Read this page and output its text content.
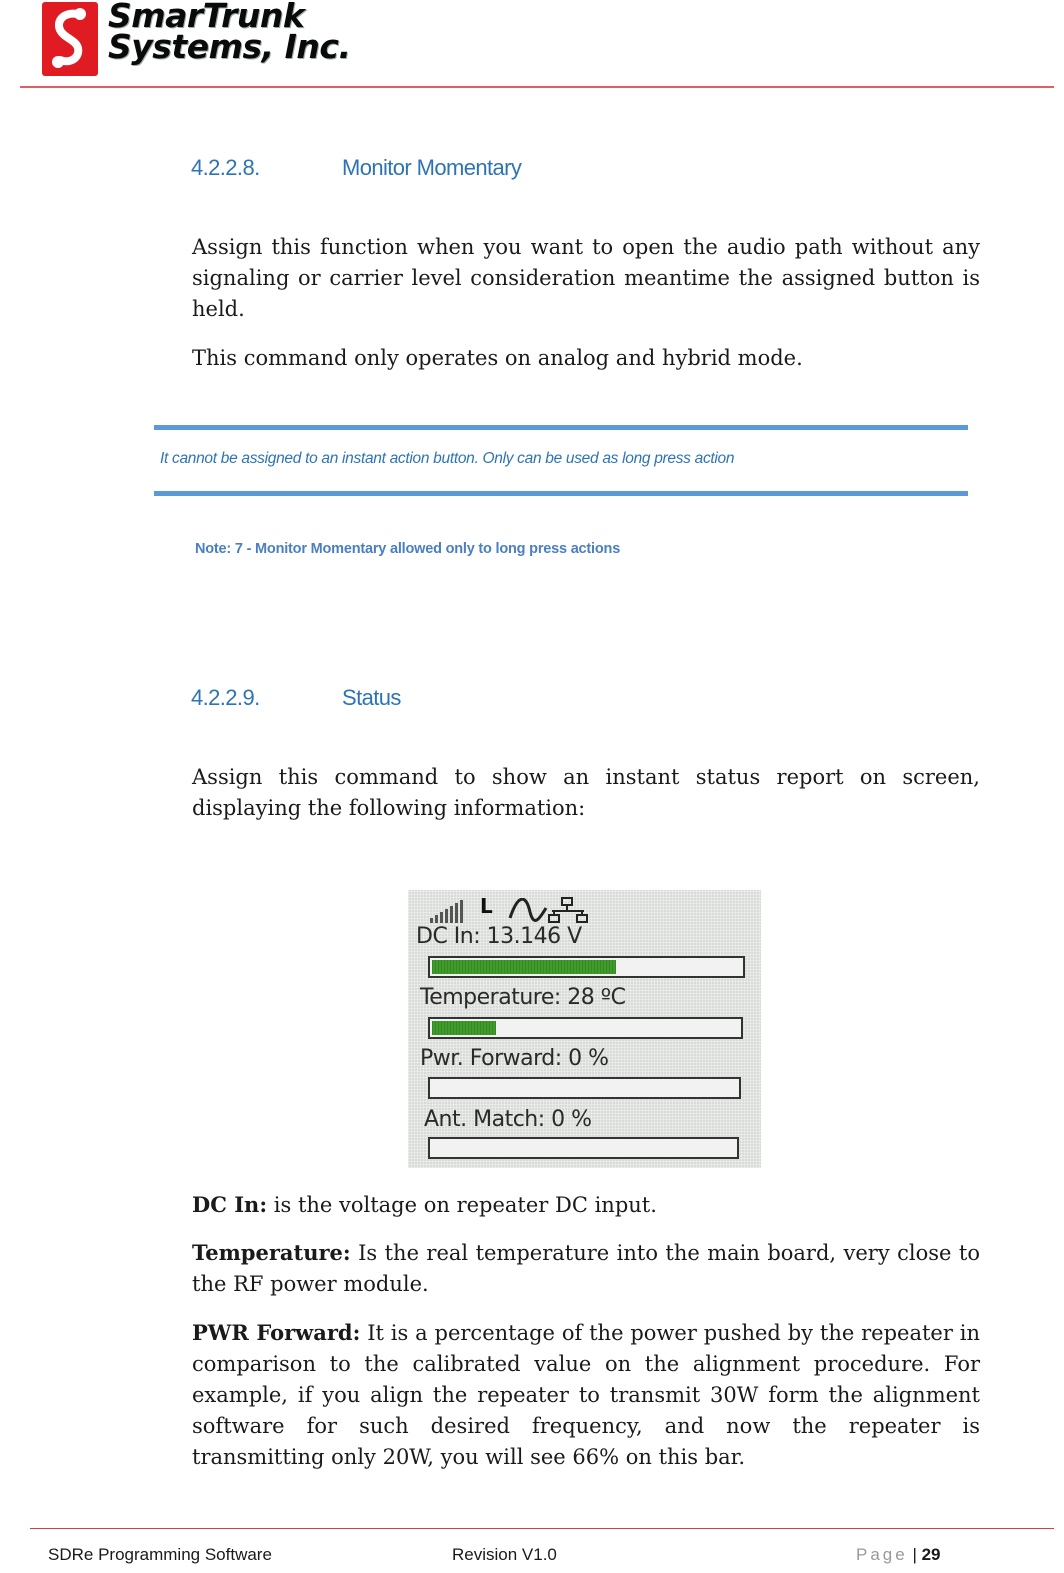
SmarTrunk
Systems, Inc.
4.2.2.8.	Monitor Momentary
Assign this function when you want to open the audio path without any signaling or carrier level consideration meantime the assigned button is held.
This command only operates on analog and hybrid mode.
It cannot be assigned to an instant action button. Only can be used as long press action
Note: 7 - Monitor Momentary allowed only to long press actions
4.2.2.9.	Status
Assign this command to show an instant status report on screen, displaying the following information:
L
DC In: 13.146 V
Temperature: 28 ºC
Pwr. Forward: 0 %
Ant. Match: 0 %
DC In: is the voltage on repeater DC input.
Temperature: Is the real temperature into the main board, very close to the RF power module.
PWR Forward: It is a percentage of the power pushed by the repeater in comparison to the calibrated value on the alignment procedure. For example, if you align the repeater to transmit 30W form the alignment software for such desired frequency, and now the repeater is transmitting only 20W, you will see 66% on this bar.
SDRe Programming Software	Revision V1.0	Page | 29
